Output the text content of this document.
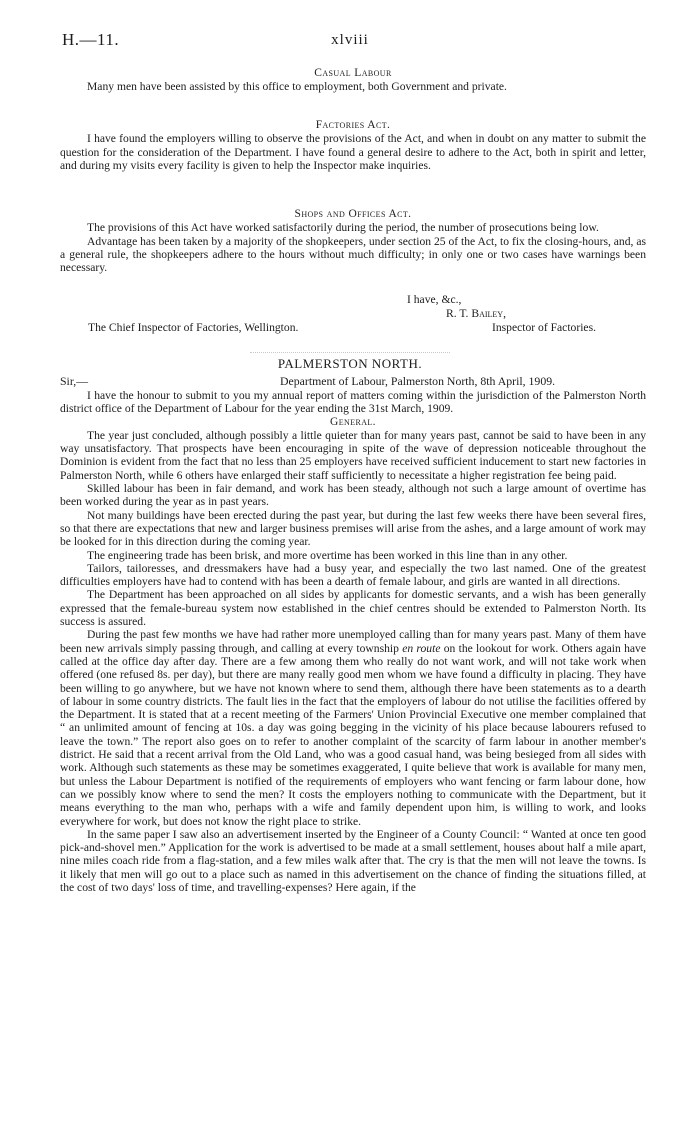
H.—11.	xlviii
Casual Labour

Many men have been assisted by this office to employment, both Government and private.

Factories Act.

I have found the employers willing to observe the provisions of the Act, and when in doubt on any matter to submit the question for the consideration of the Department. I have found a general desire to adhere to the Act, both in spirit and letter, and during my visits every facility is given to help the Inspector make inquiries.

Shops and Offices Act.

The provisions of this Act have worked satisfactorily during the period, the number of prosecutions being low.

Advantage has been taken by a majority of the shopkeepers, under section 25 of the Act, to fix the closing-hours, and, as a general rule, the shopkeepers adhere to the hours without much difficulty; in only one or two cases have warnings been necessary.

I have, &c.,
R. T. Bailey,
The Chief Inspector of Factories, Wellington.	Inspector of Factories.
PALMERSTON NORTH.
Sir,—	Department of Labour, Palmerston North, 8th April, 1909.

I have the honour to submit to you my annual report of matters coming within the jurisdiction of the Palmerston North district office of the Department of Labour for the year ending the 31st March, 1909.

General.

The year just concluded, although possibly a little quieter than for many years past, cannot be said to have been in any way unsatisfactory. That prospects have been encouraging in spite of the wave of depression noticeable throughout the Dominion is evident from the fact that no less than 25 employers have received sufficient inducement to start new factories in Palmerston North, while 6 others have enlarged their staff sufficiently to necessitate a higher registration fee being paid.

Skilled labour has been in fair demand, and work has been steady, although not such a large amount of overtime has been worked during the year as in past years.

Not many buildings have been erected during the past year, but during the last few weeks there have been several fires, so that there are expectations that new and larger business premises will arise from the ashes, and a large amount of work may be looked for in this direction during the coming year.

The engineering trade has been brisk, and more overtime has been worked in this line than in any other.

Tailors, tailoresses, and dressmakers have had a busy year, and especially the two last named. One of the greatest difficulties employers have had to contend with has been a dearth of female labour, and girls are wanted in all directions.

The Department has been approached on all sides by applicants for domestic servants, and a wish has been generally expressed that the female-bureau system now established in the chief centres should be extended to Palmerston North. Its success is assured.

During the past few months we have had rather more unemployed calling than for many years past. Many of them have been new arrivals simply passing through, and calling at every township en route on the lookout for work. Others again have called at the office day after day. There are a few among them who really do not want work, and will not take work when offered (one refused 8s. per day), but there are many really good men whom we have found a difficulty in placing. They have been willing to go anywhere, but we have not known where to send them, although there have been statements as to a dearth of labour in some country districts. The fault lies in the fact that the employers of labour do not utilise the facilities offered by the Department. It is stated that at a recent meeting of the Farmers' Union Provincial Executive one member complained that “ an unlimited amount of fencing at 10s. a day was going begging in the vicinity of his place because labourers refused to leave the town.” The report also goes on to refer to another complaint of the scarcity of farm labour in another member's district. He said that a recent arrival from the Old Land, who was a good casual hand, was being besieged from all sides with work. Although such statements as these may be sometimes exaggerated, I quite believe that work is available for many men, but unless the Labour Department is notified of the requirements of employers who want fencing or farm labour done, how can we possibly know where to send the men? It costs the employers nothing to communicate with the Department, but it means everything to the man who, perhaps with a wife and family dependent upon him, is willing to work, and looks everywhere for work, but does not know the right place to strike.

In the same paper I saw also an advertisement inserted by the Engineer of a County Council: “ Wanted at once ten good pick-and-shovel men.” Application for the work is advertised to be made at a small settlement, houses about half a mile apart, nine miles coach ride from a flag-station, and a few miles walk after that. The cry is that the men will not leave the towns. Is it likely that men will go out to a place such as named in this advertisement on the chance of finding the situations filled, at the cost of two days' loss of time, and travelling-expenses? Here again, if the
